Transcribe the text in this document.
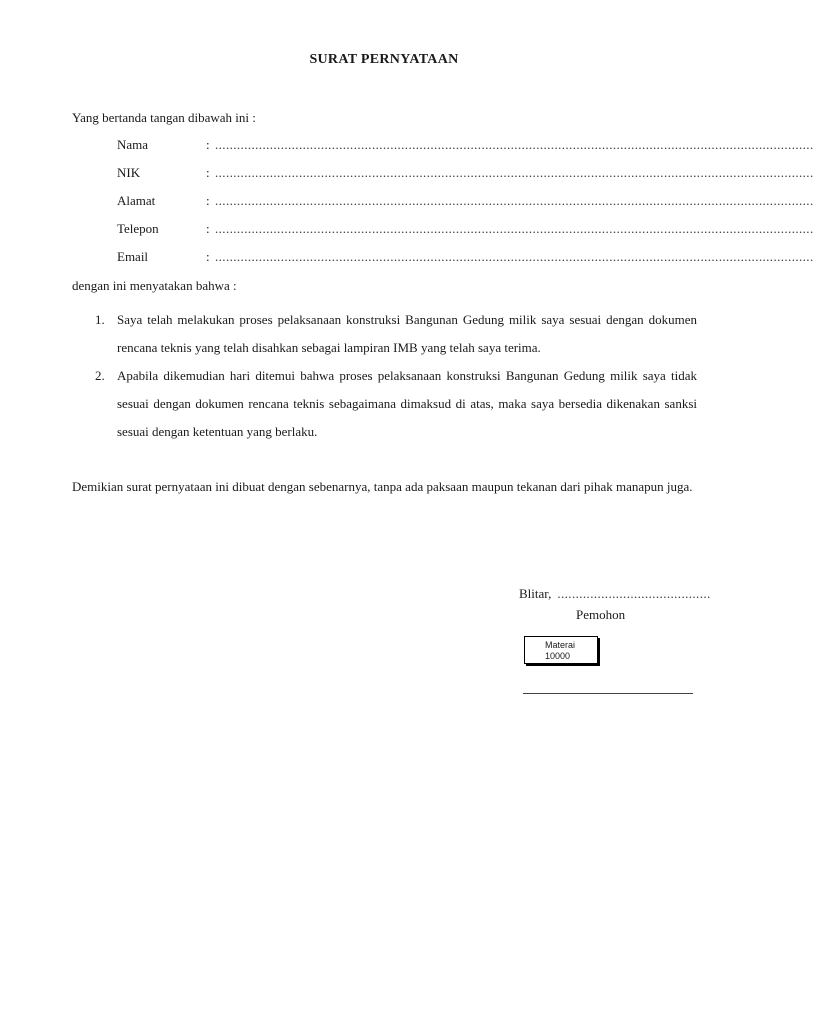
SURAT PERNYATAAN

Yang bertanda tangan dibawah ini :

Nama	: ....................................................................................................................................................................
NIK	: ....................................................................................................................................................................
Alamat	: ....................................................................................................................................................................
Telepon	: ....................................................................................................................................................................
Email	: ....................................................................................................................................................................

dengan ini menyatakan bahwa :

1. Saya telah melakukan proses pelaksanaan konstruksi Bangunan Gedung milik saya sesuai dengan dokumen rencana teknis yang telah disahkan sebagai lampiran IMB yang telah saya terima.

2. Apabila dikemudian hari ditemui bahwa proses pelaksanaan konstruksi Bangunan Gedung milik saya tidak sesuai dengan dokumen rencana teknis sebagaimana dimaksud di atas, maka saya bersedia dikenakan sanksi sesuai dengan ketentuan yang berlaku.

Demikian surat pernyataan ini dibuat dengan sebenarnya, tanpa ada paksaan maupun tekanan dari pihak manapun juga.

Blitar, ..........................................
Pemohon
Materai
10000
